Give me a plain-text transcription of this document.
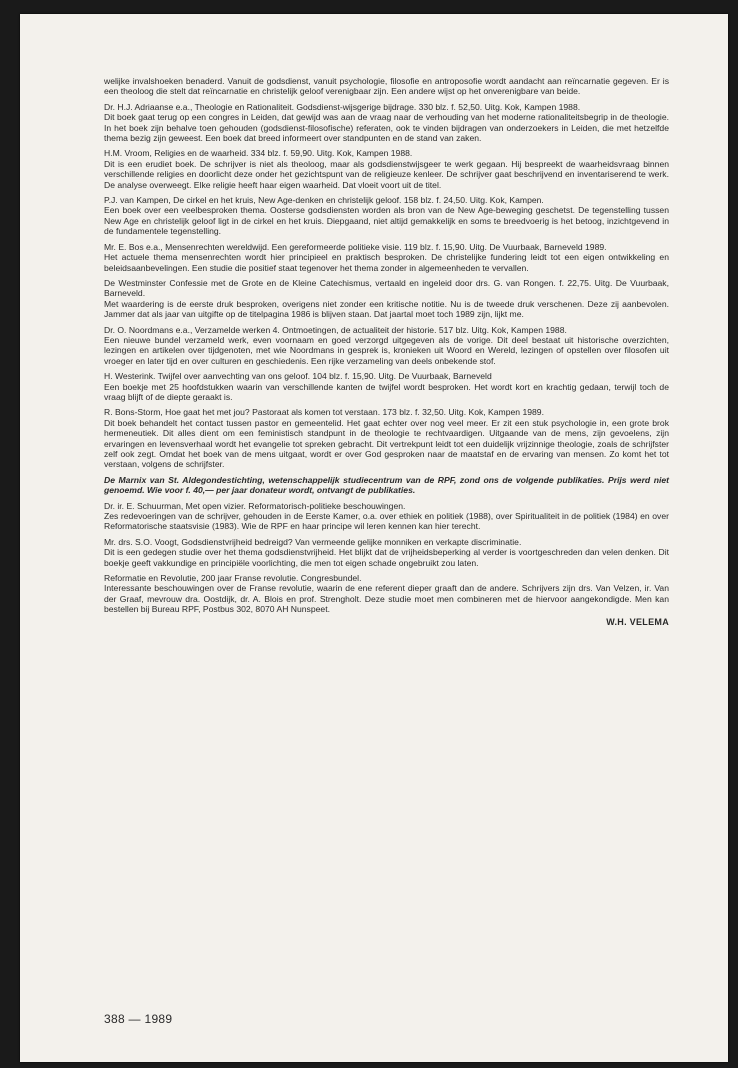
welijke invalshoeken benaderd. Vanuit de godsdienst, vanuit psychologie, filosofie en antroposofie wordt aandacht aan reïncarnatie gegeven. Er is een theoloog die stelt dat reïncarnatie en christelijk geloof verenigbaar zijn. Een andere wijst op het onverenigbare van beide.

Dr. H.J. Adriaanse e.a., Theologie en Rationaliteit. Godsdienst-wijsgerige bijdrage. 330 blz. f. 52,50. Uitg. Kok, Kampen 1988.

Dit boek gaat terug op een congres in Leiden, dat gewijd was aan de vraag naar de verhouding van het moderne rationaliteitsbegrip in de theologie. In het boek zijn behalve toen gehouden (godsdienst-filosofische) referaten, ook te vinden bijdragen van onderzoekers in Leiden, die met hetzelfde thema bezig zijn geweest. Een boek dat breed informeert over standpunten en de stand van zaken.

H.M. Vroom, Religies en de waarheid. 334 blz. f. 59,90. Uitg. Kok, Kampen 1988.

Dit is een erudiet boek. De schrijver is niet als theoloog, maar als godsdienstwijsgeer te werk gegaan. Hij bespreekt de waarheidsvraag binnen verschillende religies en doorlicht deze onder het gezichtspunt van de religieuze kenleer. De schrijver gaat beschrijvend en inventariserend te werk. De analyse overweegt. Elke religie heeft haar eigen waarheid. Dat vloeit voort uit de titel.

P.J. van Kampen, De cirkel en het kruis, New Age-denken en christelijk geloof. 158 blz. f. 24,50. Uitg. Kok, Kampen.

Een boek over een veelbesproken thema. Oosterse godsdiensten worden als bron van de New Age-beweging geschetst. De tegenstelling tussen New Age en christelijk geloof ligt in de cirkel en het kruis. Diepgaand, niet altijd gemakkelijk en soms te breedvoerig is het betoog, inzichtgevend in de fundamentele tegenstelling.

Mr. E. Bos e.a., Mensenrechten wereldwijd. Een gereformeerde politieke visie. 119 blz. f. 15,90. Uitg. De Vuurbaak, Barneveld 1989.

Het actuele thema mensenrechten wordt hier principieel en praktisch besproken. De christelijke fundering leidt tot een eigen ontwikkeling en beleidsaanbevelingen. Een studie die positief staat tegenover het thema zonder in algemeenheden te vervallen.

De Westminster Confessie met de Grote en de Kleine Catechismus, vertaald en ingeleid door drs. G. van Rongen. f. 22,75. Uitg. De Vuurbaak, Barneveld.

Met waardering is de eerste druk besproken, overigens niet zonder een kritische notitie. Nu is de tweede druk verschenen. Deze zij aanbevolen. Jammer dat als jaar van uitgifte op de titelpagina 1986 is blijven staan. Dat jaartal moet toch 1989 zijn, lijkt me.

Dr. O. Noordmans e.a., Verzamelde werken 4. Ontmoetingen, de actualiteit der historie. 517 blz. Uitg. Kok, Kampen 1988.

Een nieuwe bundel verzameld werk, even voornaam en goed verzorgd uitgegeven als de vorige. Dit deel bestaat uit historische overzichten, lezingen en artikelen over tijdgenoten, met wie Noordmans in gesprek is, kronieken uit Woord en Wereld, lezingen of opstellen over filosofen uit vroeger en later tijd en over culturen en geschiedenis. Een rijke verzameling van deels onbekende stof.

H. Westerink. Twijfel over aanvechting van ons geloof. 104 blz. f. 15,90. Uitg. De Vuurbaak, Barneveld

Een boekje met 25 hoofdstukken waarin van verschillende kanten de twijfel wordt besproken. Het wordt kort en krachtig gedaan, terwijl toch de vraag blijft of de diepte geraakt is.

R. Bons-Storm, Hoe gaat het met jou? Pastoraat als komen tot verstaan. 173 blz. f. 32,50. Uitg. Kok, Kampen 1989.

Dit boek behandelt het contact tussen pastor en gemeentelid. Het gaat echter over nog veel meer. Er zit een stuk psychologie in, een grote brok hermeneutiek. Dit alles dient om een feministisch standpunt in de theologie te rechtvaardigen. Uitgaande van de mens, zijn gevoelens, zijn ervaringen en levensverhaal wordt het evangelie tot spreken gebracht. Dit vertrekpunt leidt tot een duidelijk vrijzinnige theologie, zoals de schrijfster zelf ook zegt. Omdat het boek van de mens uitgaat, wordt er over God gesproken naar de maatstaf en de ervaring van mensen. Zo komt het tot verstaan, volgens de schrijfster.

De Marnix van St. Aldegondestichting, wetenschappelijk studiecentrum van de RPF, zond ons de volgende publikaties. Prijs werd niet genoemd. Wie voor f. 40,— per jaar donateur wordt, ontvangt de publikaties.

Dr. ir. E. Schuurman, Met open vizier. Reformatorisch-politieke beschouwingen.

Zes redevoeringen van de schrijver, gehouden in de Eerste Kamer, o.a. over ethiek en politiek (1988), over Spiritualiteit in de politiek (1984) en over Reformatorische staatsvisie (1983). Wie de RPF en haar principe wil leren kennen kan hier terecht.

Mr. drs. S.O. Voogt, Godsdienstvrijheid bedreigd? Van vermeende gelijke monniken en verkapte discriminatie.

Dit is een gedegen studie over het thema godsdienstvrijheid. Het blijkt dat de vrijheidsbeperking al verder is voortgeschreden dan velen denken. Dit boekje geeft vakkundige en principiële voorlichting, die men tot eigen schade ongebruikt zou laten.

Reformatie en Revolutie, 200 jaar Franse revolutie. Congresbundel.

Interessante beschouwingen over de Franse revolutie, waarin de ene referent dieper graaft dan de andere. Schrijvers zijn drs. Van Velzen, ir. Van der Graaf, mevrouw dra. Oostdijk, dr. A. Blois en prof. Strengholt. Deze studie moet men combineren met de hiervoor aangekondigde. Men kan bestellen bij Bureau RPF, Postbus 302, 8070 AH Nunspeet.

W.H. VELEMA
388 — 1989
